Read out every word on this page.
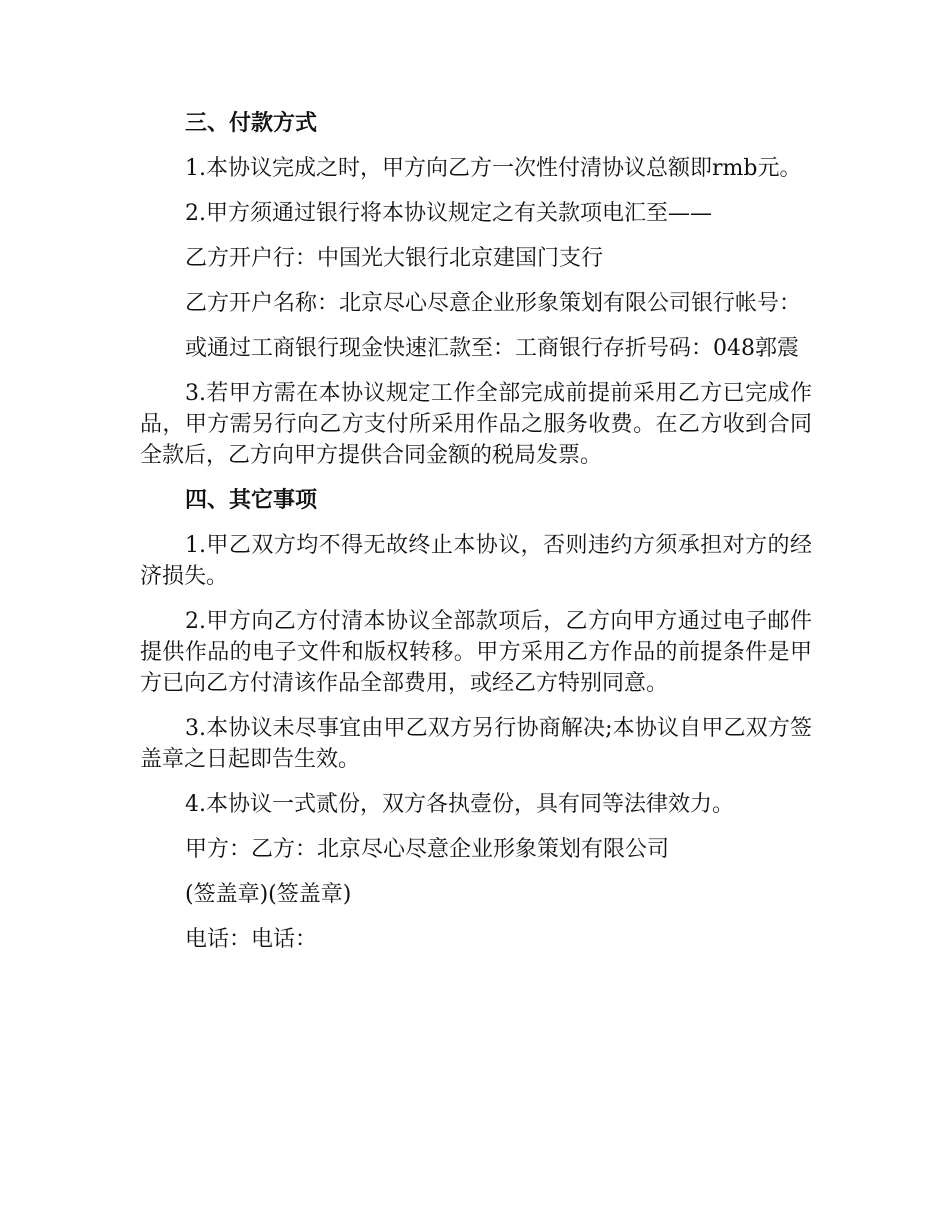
三、付款方式
1.本协议完成之时，甲方向乙方一次性付清协议总额即rmb元。
2.甲方须通过银行将本协议规定之有关款项电汇至——
乙方开户行：中国光大银行北京建国门支行
乙方开户名称：北京尽心尽意企业形象策划有限公司银行帐号：
或通过工商银行现金快速汇款至：工商银行存折号码：048郭震
3.若甲方需在本协议规定工作全部完成前提前采用乙方已完成作品，甲方需另行向乙方支付所采用作品之服务收费。在乙方收到合同全款后，乙方向甲方提供合同金额的税局发票。
四、其它事项
1.甲乙双方均不得无故终止本协议，否则违约方须承担对方的经济损失。
2.甲方向乙方付清本协议全部款项后，乙方向甲方通过电子邮件提供作品的电子文件和版权转移。甲方采用乙方作品的前提条件是甲方已向乙方付清该作品全部费用，或经乙方特别同意。
3.本协议未尽事宜由甲乙双方另行协商解决;本协议自甲乙双方签盖章之日起即告生效。
4.本协议一式贰份，双方各执壹份，具有同等法律效力。
甲方：乙方：北京尽心尽意企业形象策划有限公司
(签盖章)(签盖章)
电话：电话：
